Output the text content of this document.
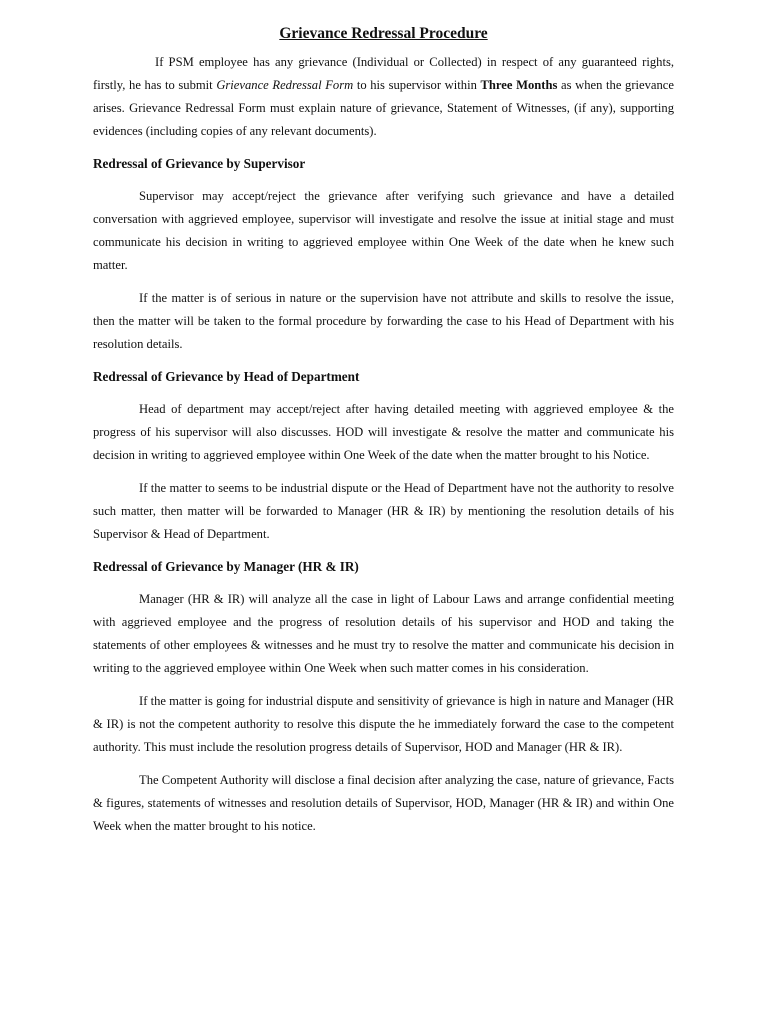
Grievance Redressal Procedure

If PSM employee has any grievance (Individual or Collected) in respect of any guaranteed rights, firstly, he has to submit Grievance Redressal Form to his supervisor within Three Months as when the grievance arises. Grievance Redressal Form must explain nature of grievance, Statement of Witnesses, (if any), supporting evidences (including copies of any relevant documents).

Redressal of Grievance by Supervisor

Supervisor may accept/reject the grievance after verifying such grievance and have a detailed conversation with aggrieved employee, supervisor will investigate and resolve the issue at initial stage and must communicate his decision in writing to aggrieved employee within One Week of the date when he knew such matter.

If the matter is of serious in nature or the supervision have not attribute and skills to resolve the issue, then the matter will be taken to the formal procedure by forwarding the case to his Head of Department with his resolution details.

Redressal of Grievance by Head of Department

Head of department may accept/reject after having detailed meeting with aggrieved employee & the progress of his supervisor will also discusses. HOD will investigate & resolve the matter and communicate his decision in writing to aggrieved employee within One Week of the date when the matter brought to his Notice.

If the matter to seems to be industrial dispute or the Head of Department have not the authority to resolve such matter, then matter will be forwarded to Manager (HR & IR) by mentioning the resolution details of his Supervisor & Head of Department.

Redressal of Grievance by Manager (HR & IR)

Manager (HR & IR) will analyze all the case in light of Labour Laws and arrange confidential meeting with aggrieved employee and the progress of resolution details of his supervisor and HOD and taking the statements of other employees & witnesses and he must try to resolve the matter and communicate his decision in writing to the aggrieved employee within One Week when such matter comes in his consideration.

If the matter is going for industrial dispute and sensitivity of grievance is high in nature and Manager (HR & IR) is not the competent authority to resolve this dispute the he immediately forward the case to the competent authority. This must include the resolution progress details of Supervisor, HOD and Manager (HR & IR).

The Competent Authority will disclose a final decision after analyzing the case, nature of grievance, Facts & figures, statements of witnesses and resolution details of Supervisor, HOD, Manager (HR & IR) and within One Week when the matter brought to his notice.
